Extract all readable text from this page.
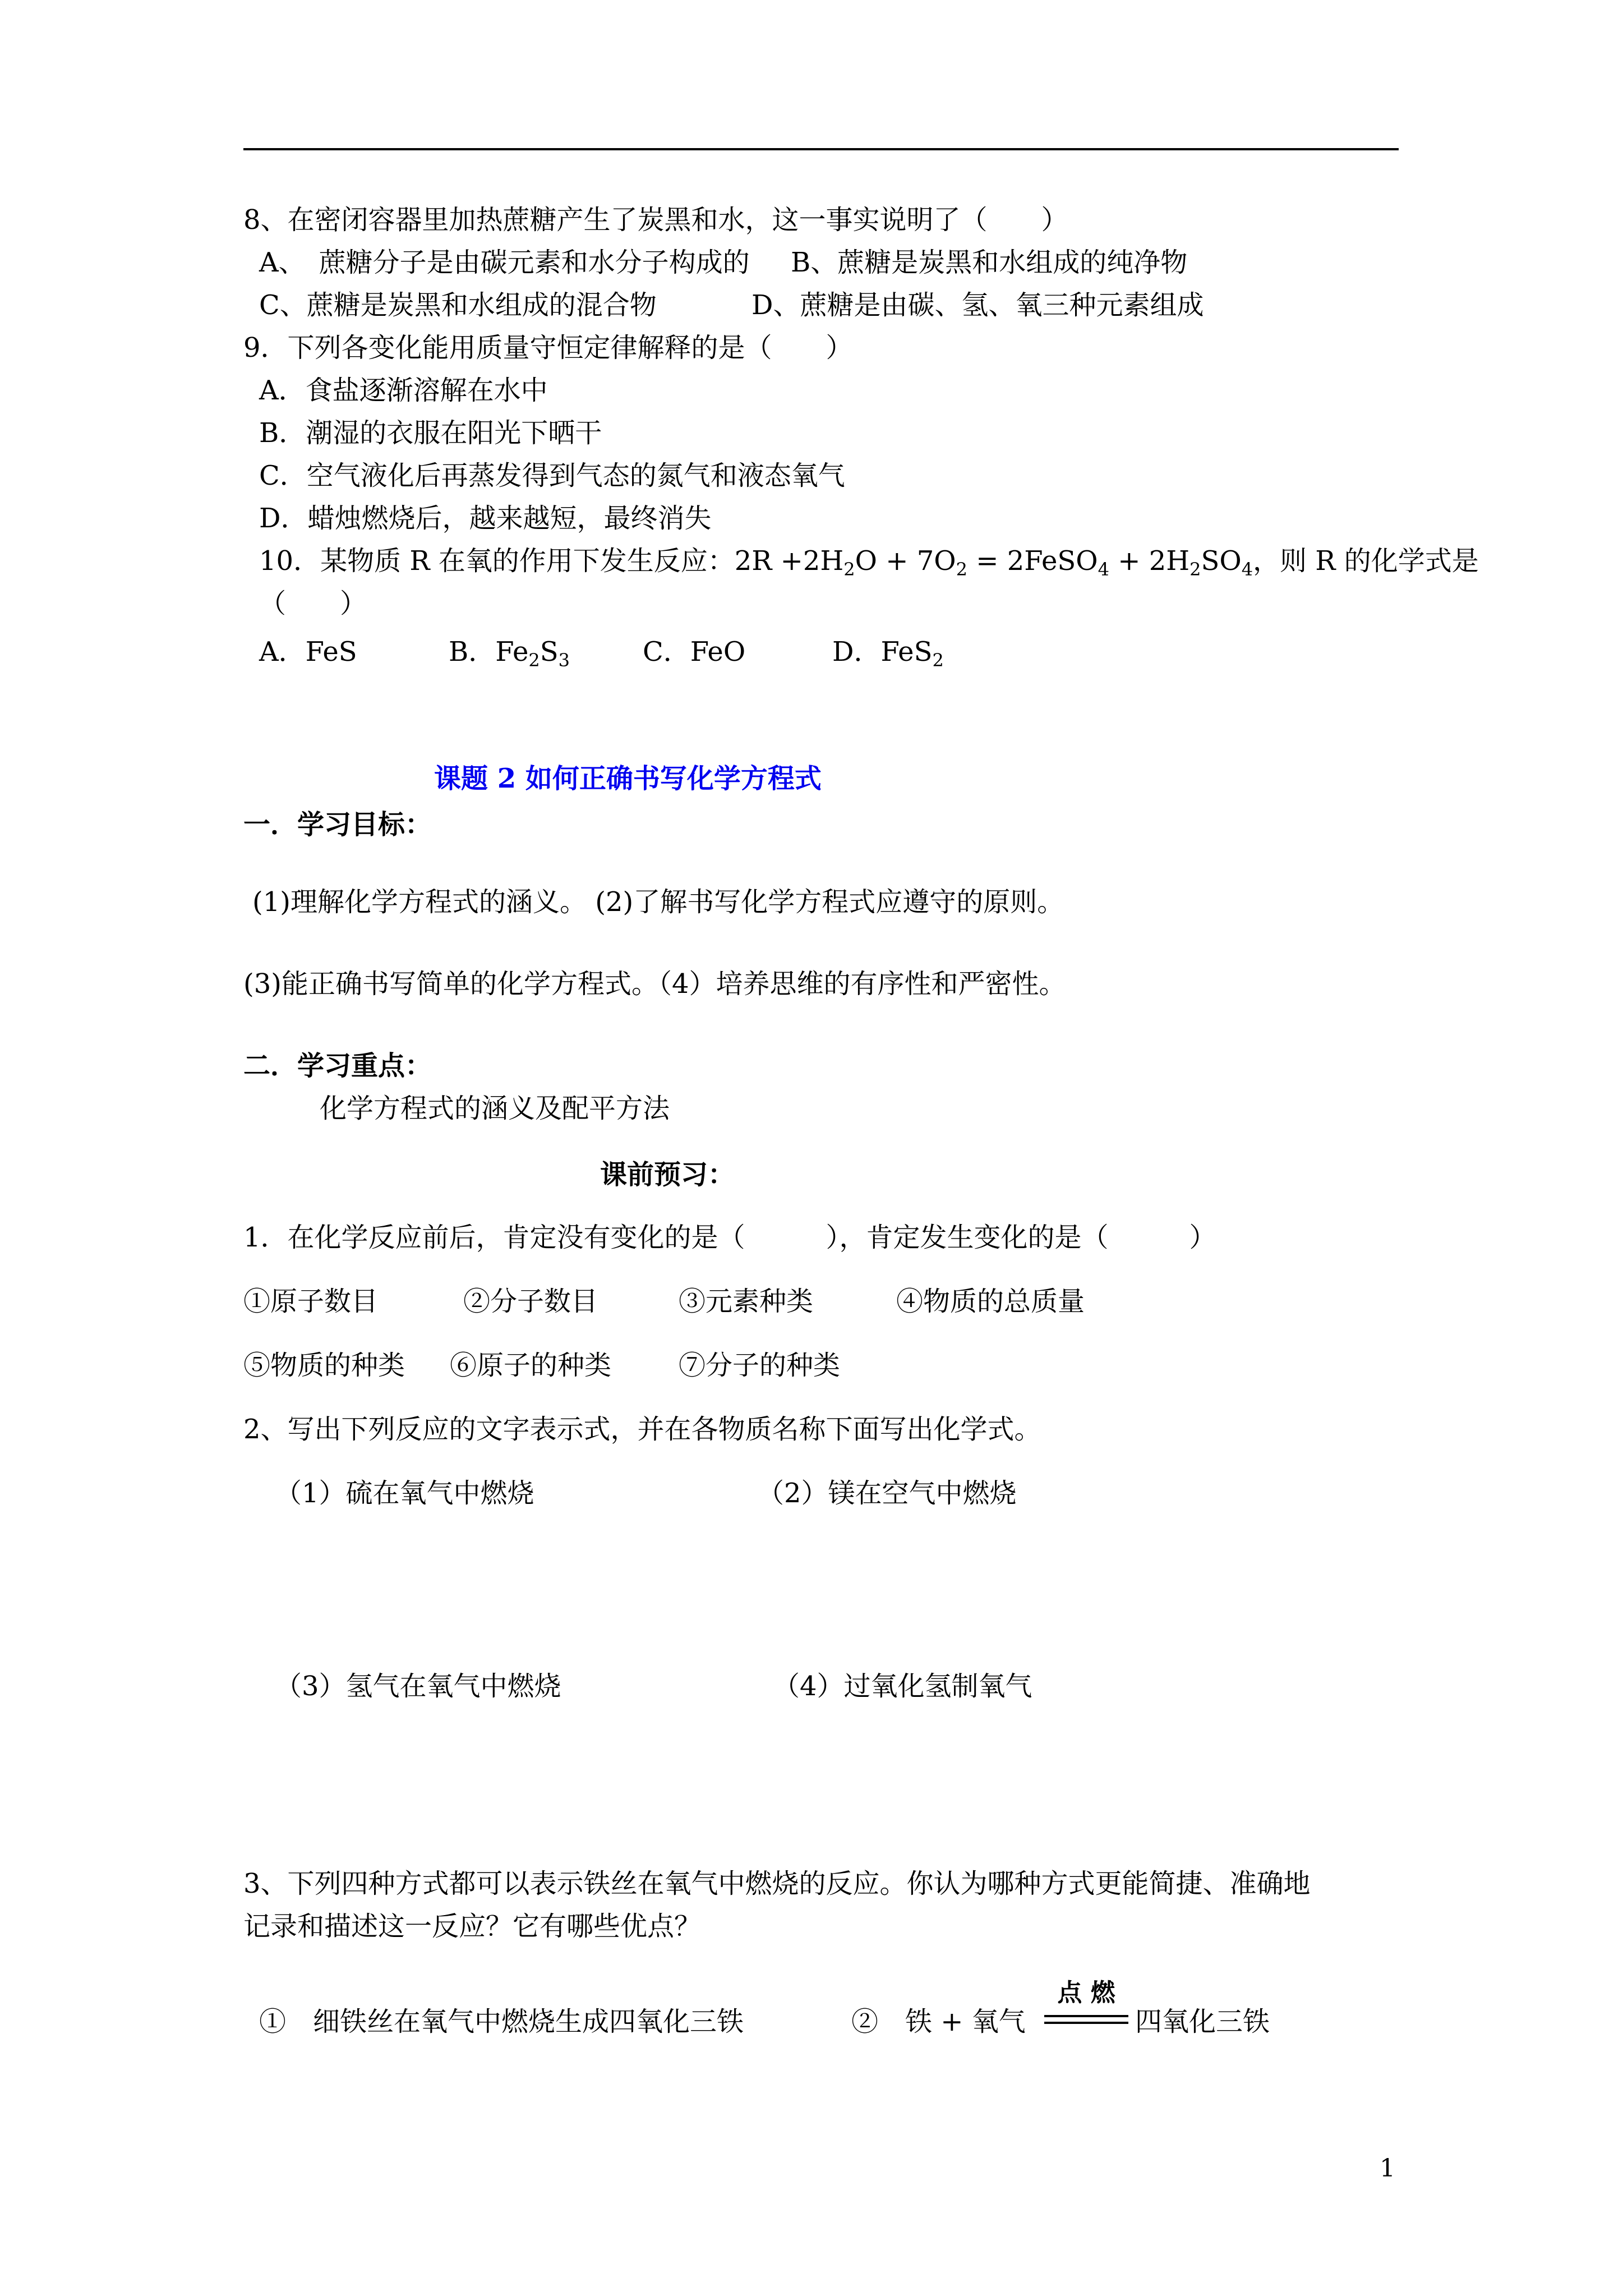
8、在密闭容器里加热蔗糖产生了炭黑和水，这一事实说明了（　　）
A、　蔗糖分子是由碳元素和水分子构成的 B、蔗糖是炭黑和水组成的纯净物
C、蔗糖是炭黑和水组成的混合物	D、蔗糖是由碳、氢、氧三种元素组成
9．下列各变化能用质量守恒定律解释的是（　　）
A．食盐逐渐溶解在水中
B．潮湿的衣服在阳光下晒干
C．空气液化后再蒸发得到气态的氮气和液态氧气
D．蜡烛燃烧后，越来越短，最终消失
10．某物质 R 在氧的作用下发生反应：$2R +2H_2O + 7O_2$ = 2FeSO$_4$ + $2H_2SO_4$，则 R 的化学式是
（　　）
A．FeS	B．$Fe_2S_3$	C．FeO	D．FeS$_2$
课题 2 如何正确书写化学方程式
一．学习目标：
(1)理解化学方程式的涵义。 (2)了解书写化学方程式应遵守的原则。
(3)能正确书写简单的化学方程式。（4）培养思维的有序性和严密性。
二．学习重点：
化学方程式的涵义及配平方法
课前预习：
1．在化学反应前后，肯定没有变化的是（　　　），肯定发生变化的是（　　　）
①原子数目	②分子数目	③元素种类	④物质的总质量
⑤物质的种类 ⑥原子的种类 ⑦分子的种类
2、写出下列反应的文字表示式，并在各物质名称下面写出化学式。
（1）硫在氧气中燃烧	（2）镁在空气中燃烧
（3）氢气在氧气中燃烧	（4）过氧化氢制氧气
3、下列四种方式都可以表示铁丝在氧气中燃烧的反应。你认为哪种方式更能简捷、准确地
记录和描述这一反应？它有哪些优点？
①　细铁丝在氧气中燃烧生成四氧化三铁	②　铁 + 氧气
点 燃
四氧化三铁
1
